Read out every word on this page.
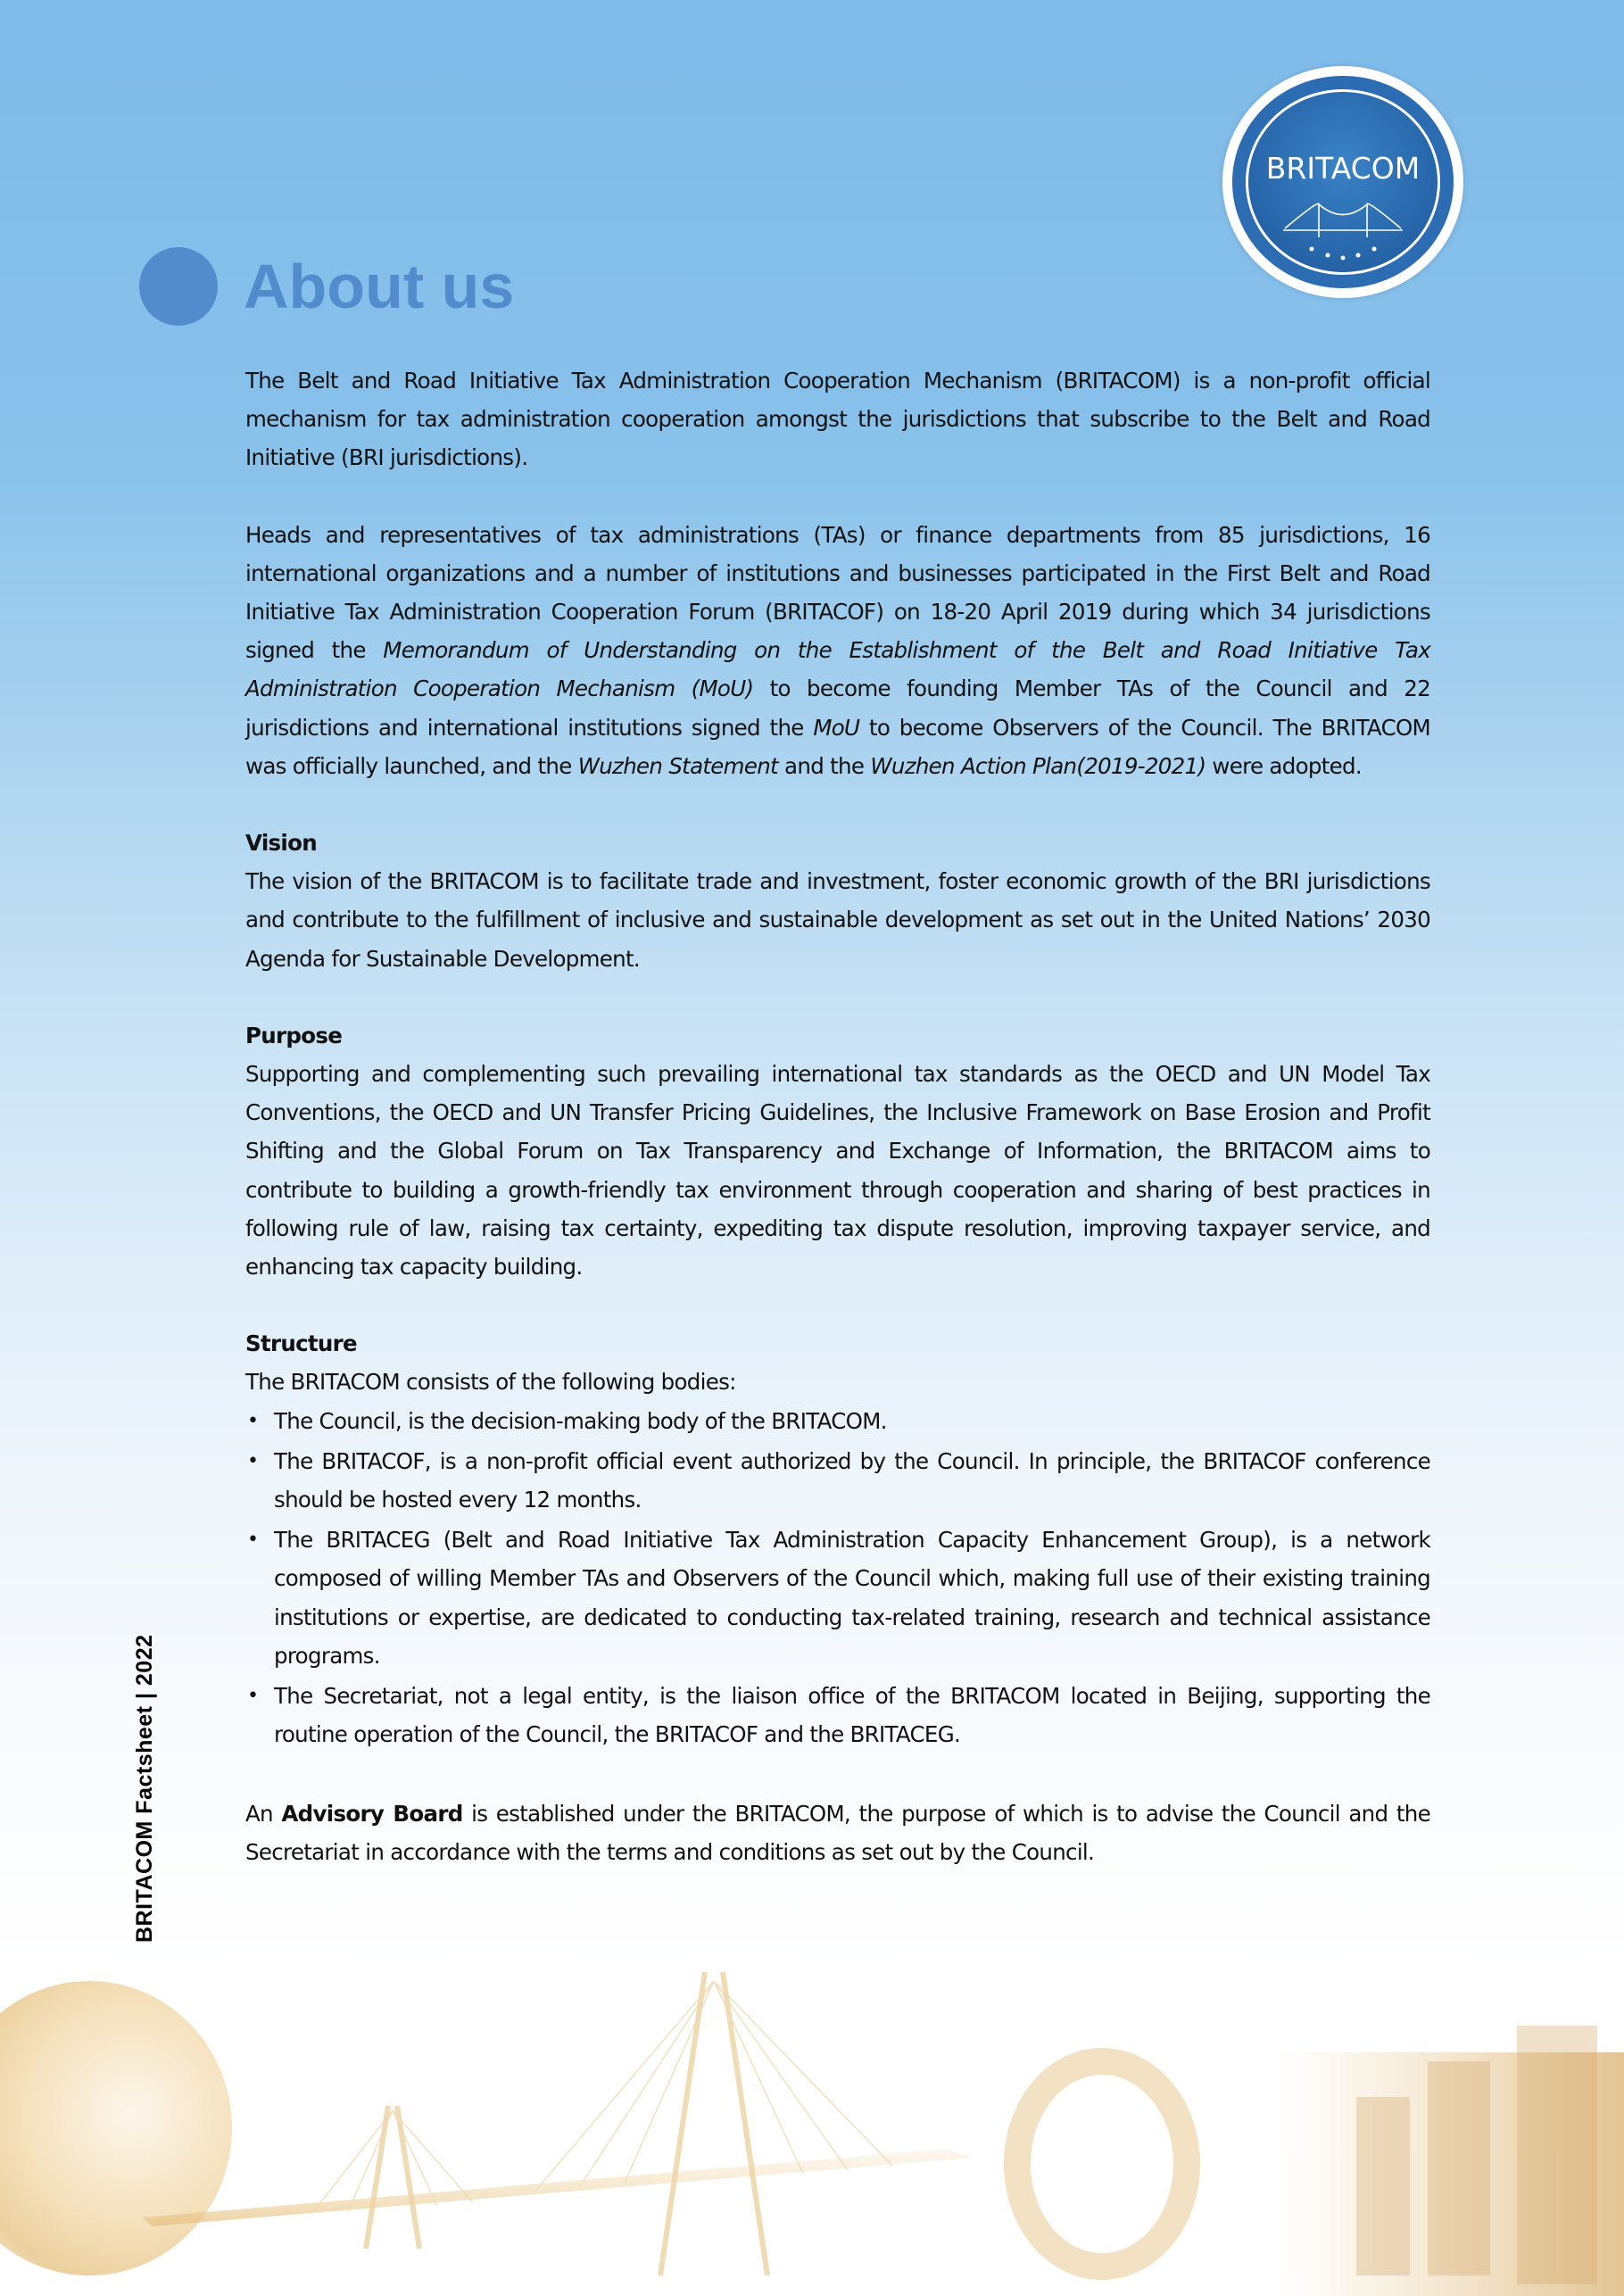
BRITACOM
About us

The Belt and Road Initiative Tax Administration Cooperation Mechanism (BRITACOM) is a non-profit official mechanism for tax administration cooperation amongst the jurisdictions that subscribe to the Belt and Road Initiative (BRI jurisdictions).

Heads and representatives of tax administrations (TAs) or finance departments from 85 jurisdictions, 16 international organizations and a number of institutions and businesses participated in the First Belt and Road Initiative Tax Administration Cooperation Forum (BRITACOF) on 18-20 April 2019 during which 34 jurisdictions signed the Memorandum of Understanding on the Establishment of the Belt and Road Initiative Tax Administration Cooperation Mechanism (MoU) to become founding Member TAs of the Council and 22 jurisdictions and international institutions signed the MoU to become Observers of the Council. The BRITACOM was officially launched, and the Wuzhen Statement and the Wuzhen Action Plan(2019-2021) were adopted.

Vision

The vision of the BRITACOM is to facilitate trade and investment, foster economic growth of the BRI jurisdictions and contribute to the fulfillment of inclusive and sustainable development as set out in the United Nations’ 2030 Agenda for Sustainable Development.

Purpose

Supporting and complementing such prevailing international tax standards as the OECD and UN Model Tax Conventions, the OECD and UN Transfer Pricing Guidelines, the Inclusive Framework on Base Erosion and Profit Shifting and the Global Forum on Tax Transparency and Exchange of Information, the BRITACOM aims to contribute to building a growth-friendly tax environment through cooperation and sharing of best practices in following rule of law, raising tax certainty, expediting tax dispute resolution, improving taxpayer service, and enhancing tax capacity building.

Structure

The BRITACOM consists of the following bodies:

• The Council, is the decision-making body of the BRITACOM.
• The BRITACOF, is a non-profit official event authorized by the Council. In principle, the BRITACOF conference should be hosted every 12 months.
• The BRITACEG (Belt and Road Initiative Tax Administration Capacity Enhancement Group), is a network composed of willing Member TAs and Observers of the Council which, making full use of their existing training institutions or expertise, are dedicated to conducting tax-related training, research and technical assistance programs.
• The Secretariat, not a legal entity, is the liaison office of the BRITACOM located in Beijing, supporting the routine operation of the Council, the BRITACOF and the BRITACEG.

An Advisory Board is established under the BRITACOM, the purpose of which is to advise the Council and the Secretariat in accordance with the terms and conditions as set out by the Council.

BRITACOM Factsheet | 2022
